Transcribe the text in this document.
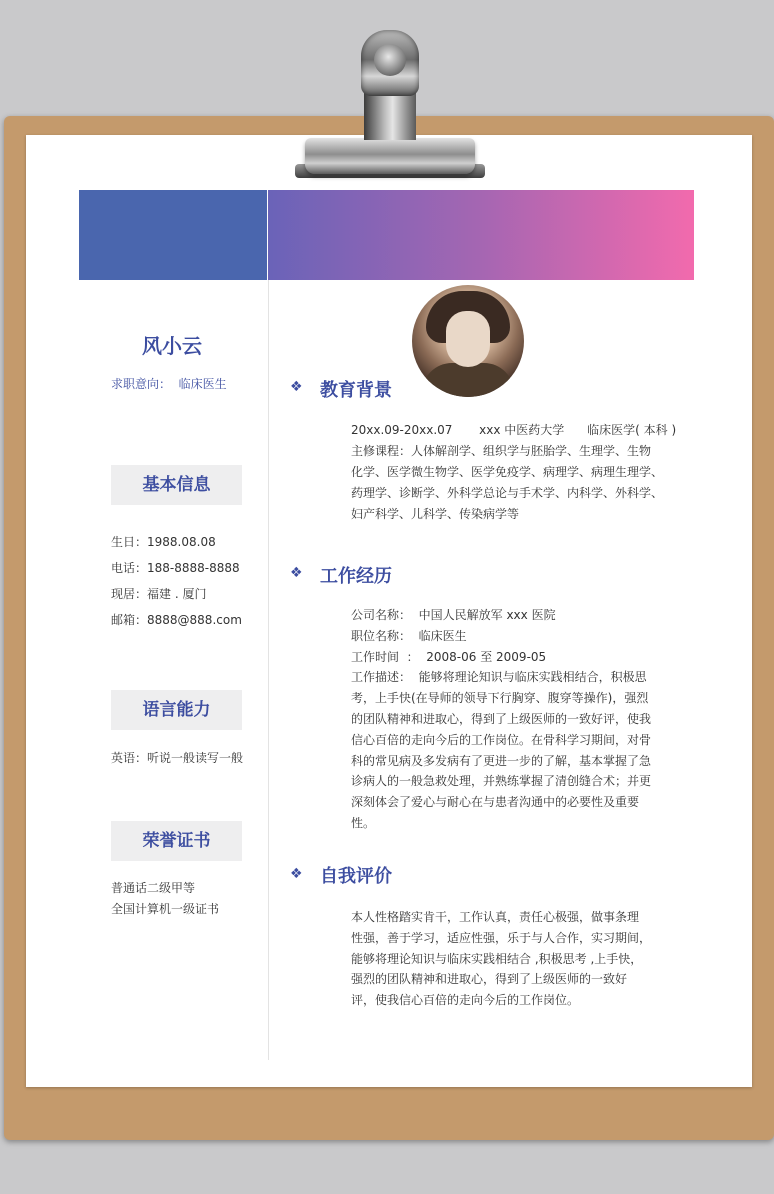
风小云
求职意向：  临床医生
基本信息
生日：1988.08.08
电话：188-8888-8888
现居：福建 . 厦门
邮箱：8888@888.com
语言能力
英语：听说一般读写一般
荣誉证书
普通话二级甲等
全国计算机一级证书
❖ 教育背景
20xx.09-20xx.07       xxx 中医药大学      临床医学( 本科 )
主修课程：人体解剖学、组织学与胚胎学、生理学、生物
化学、医学微生物学、医学免疫学、病理学、病理生理学、
药理学、诊断学、外科学总论与手术学、内科学、外科学、
妇产科学、儿科学、传染病学等
❖ 工作经历
公司名称：  中国人民解放军 xxx 医院
职位名称：  临床医生
工作时间  ：  2008-06 至 2009-05
工作描述：  能够将理论知识与临床实践相结合，积极思
考，上手快(在导师的领导下行胸穿、腹穿等操作)，强烈
的团队精神和进取心，得到了上级医师的一致好评，使我
信心百倍的走向今后的工作岗位。在骨科学习期间，对骨
科的常见病及多发病有了更进一步的了解，基本掌握了急
诊病人的一般急救处理，并熟练掌握了清创缝合术；并更
深刻体会了爱心与耐心在与患者沟通中的必要性及重要
性。
❖ 自我评价
本人性格踏实肯干，工作认真，责任心极强，做事条理
性强，善于学习，适应性强，乐于与人合作，实习期间，
能够将理论知识与临床实践相结合 ,积极思考 ,上手快，
强烈的团队精神和进取心，得到了上级医师的一致好
评，使我信心百倍的走向今后的工作岗位。
